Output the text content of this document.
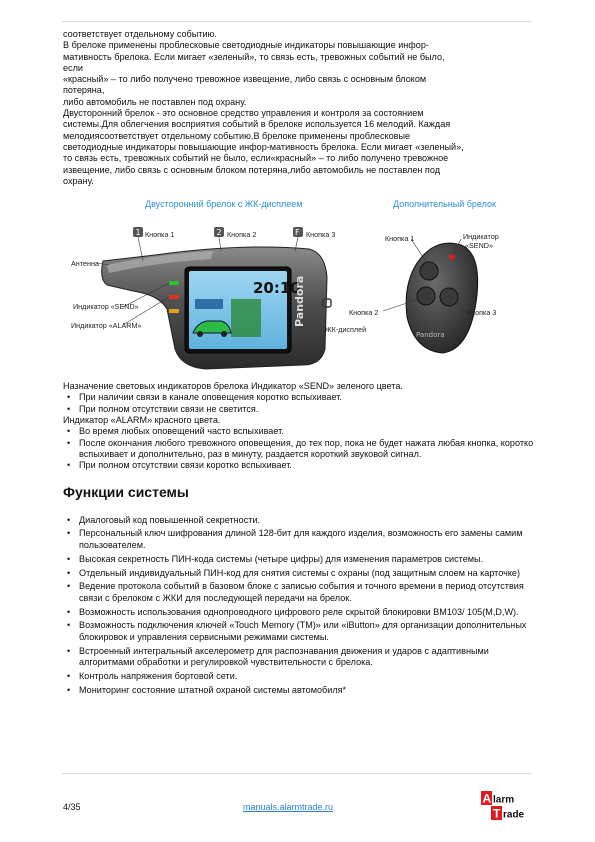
соответствует отдельному событию.

В брелоке применены проблесковые светодиодные индикаторы повышающие инфор-

мативность брелока. Если мигает «зеленый», то связь есть, тревожных событий не было,

если

«красный» – то либо получено тревожное извещение, либо связь с основным блоком

потеряна,

либо автомобиль не поставлен под охрану.

Двусторонний брелок - это основное средство управления и контроля за состоянием

системы.Для облегчения восприятия событий в брелоке используется 16 мелодий. Каждая

мелодиясоответствует отдельному событию.В брелоке применены проблесковые

светодиодные индикаторы повышающие инфор-мативность брелока. Если мигает «зеленый»,

то связь есть, тревожных событий не было, если«красный» – то либо получено тревожное

извещение, либо связь с основным блоком потеряна,либо автомобиль не поставлен под

охрану.

Двусторонний брелок с ЖК-дисплеем	Дополнительный брелок
20:10
Pandora
1	2	F
Pandora
Кнопка 1	Кнопка 2	Кнопка 3
Антенна
Индикатор «SEND»
Индикатор «ALARM»	ЖК-дисплей
Кнопка 1	Индикатор
«SEND»
Кнопка 2	Кнопка 3

Назначение световых индикаторов брелока Индикатор «SEND» зеленого цвета.

• При наличии связи в канале оповещения коротко вспыхивает.
• При полном отсутствии связи не светится.

Индикатор «ALARM» красного цвета.

• Во время любых оповещений часто вспыхивает.
• После окончания любого тревожного оповещения, до тех пор, пока не будет нажата любая кнопка, коротко вспыхивает и дополнительно, раз в минуту, раздается короткий звуковой сигнал.
• При полном отсутствии связи коротко вспыхивает.
Функции системы
• Диалоговый код повышенной секретности.
• Персональный ключ шифрования длиной 128-бит для каждого изделия, возможность его замены самим пользователем.
• Высокая секретность ПИН-кода системы (четыре цифры) для изменения параметров системы.
• Отдельный индивидуальный ПИН-код для снятия системы с охраны (под защитным слоем на карточке)
• Ведение протокола событий в базовом блоке с записью события и точного времени в период отсутствия связи с брелоком с ЖКИ для последующей передачи на брелок.
• Возможность использования однопроводного цифрового реле скрытой блокировки BM103/ 105(M,D,W).
• Возможность подключения ключей «Touch Memory (TM)» или «iButton» для организации дополнительных блокировок и управления сервисными режимами системы.
• Встроенный интегральный акселерометр для распознавания движения и ударов с адаптивными алгоритмами обработки и регулировкой чувствительности с брелока.
• Контроль напряжения бортовой сети.
• Мониторинг состояние штатной охраной системы автомобиля*
4/35	manuals.alarmtrade.ru
A larm
T rade
